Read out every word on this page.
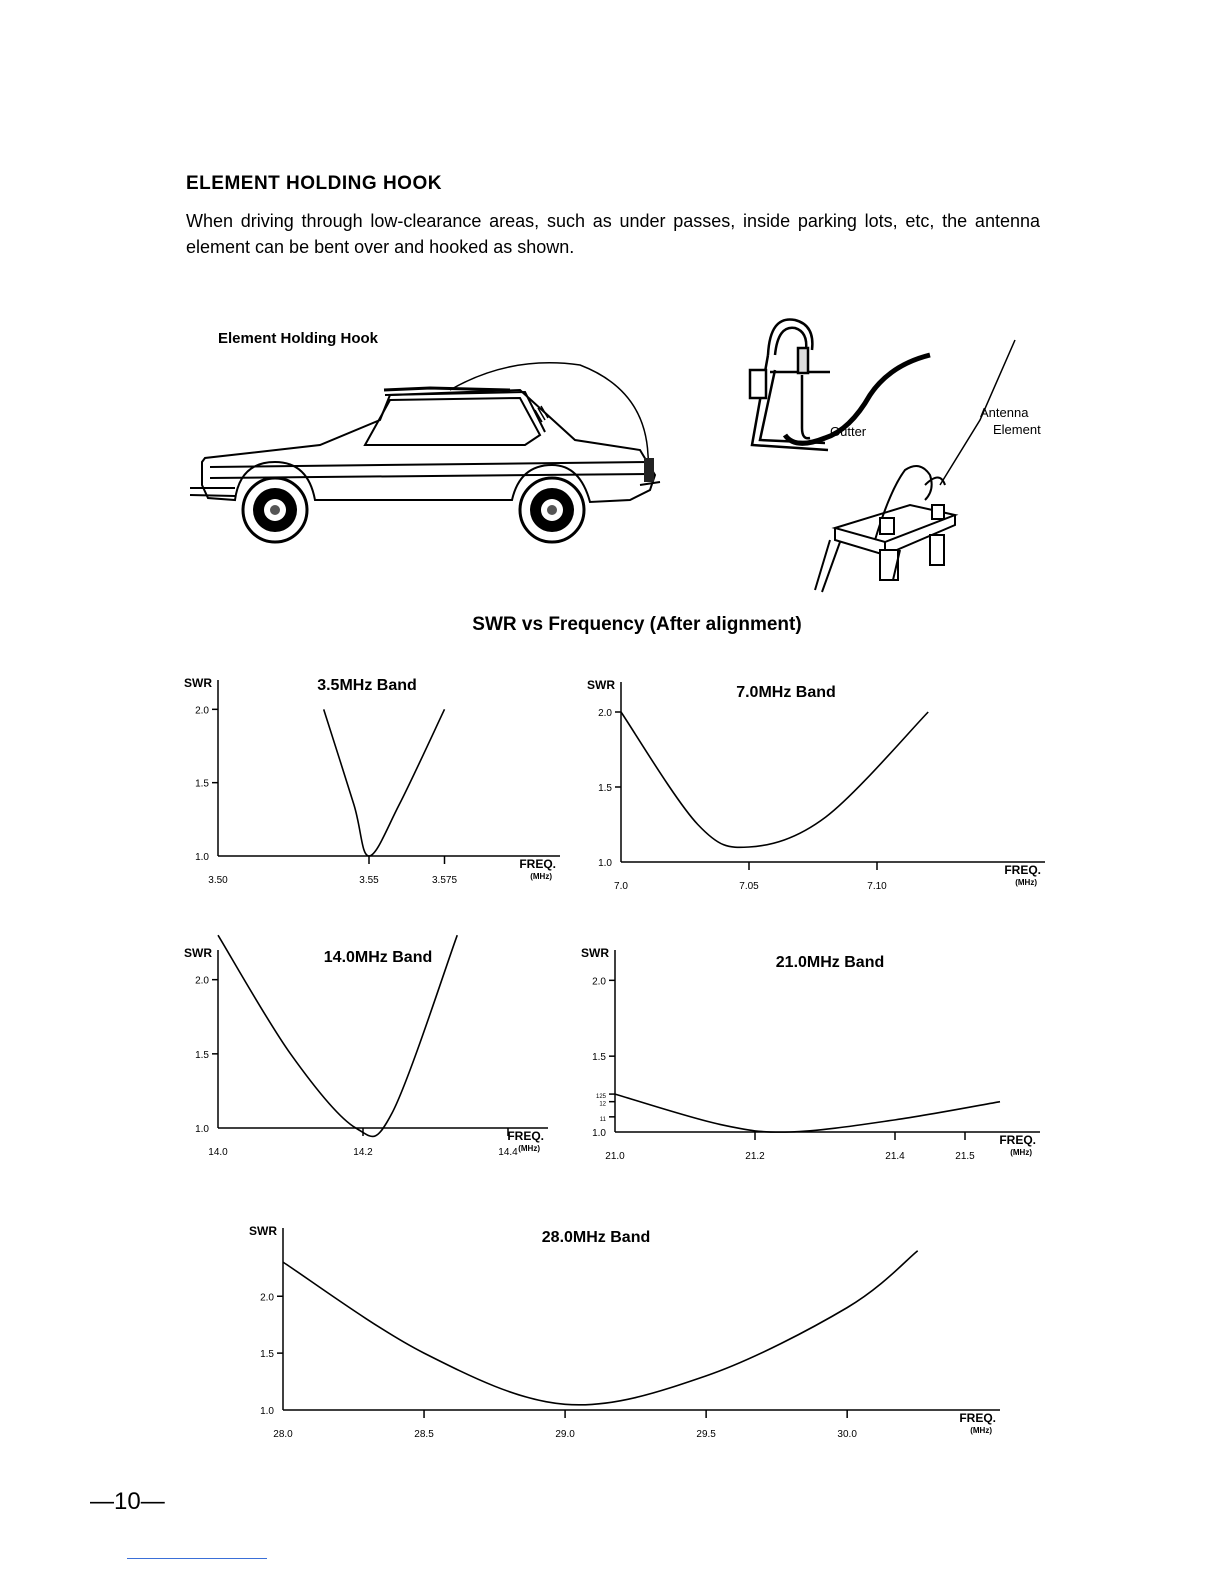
ELEMENT HOLDING HOOK
When driving through low-clearance areas, such as under passes, inside parking lots, etc, the antenna element can be bent over and hooked as shown.
Element Holding Hook
Gutter
Antenna
Element
SWR vs Frequency (After alignment)
SWR	3.5MHz Band
FREQ.
(MHz)
2.0
1.5
1.0
3.50	3.55	3.575
SWR	7.0MHz Band
FREQ.
(MHz)
2.0
1.5
1.0
7.0	7.05	7.10
SWR	14.0MHz Band
FREQ.
(MHz)
2.0
1.5
1.0
14.0	14.2	14.4
SWR
21.0MHz Band
FREQ.
(MHz)
2.0
1.5
125
12
11
1.0
21.0	21.2	21.4	21.5
SWR	28.0MHz Band
FREQ.
(MHz)
2.0
1.5
1.0
28.0	28.5	29.0	29.5	30.0
—10—
